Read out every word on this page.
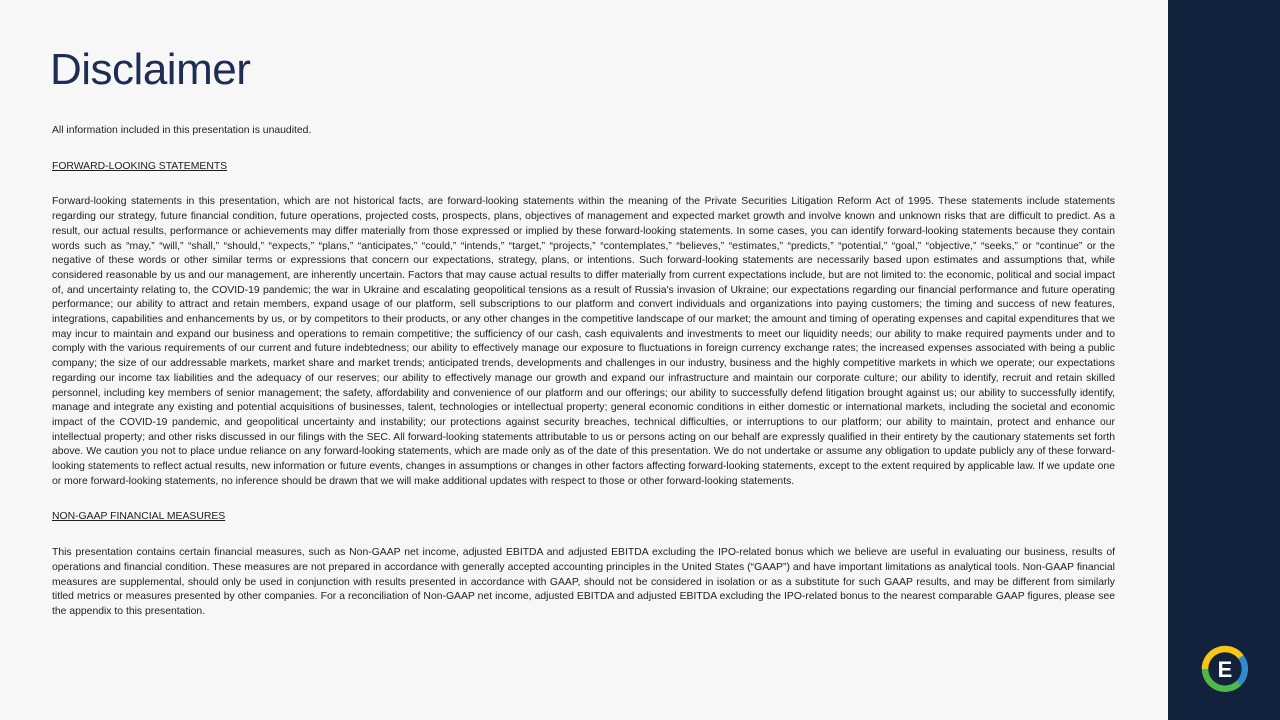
Disclaimer

All information included in this presentation is unaudited.

FORWARD-LOOKING STATEMENTS

Forward-looking statements in this presentation, which are not historical facts, are forward-looking statements within the meaning of the Private Securities Litigation Reform Act of 1995. These statements include statements regarding our strategy, future financial condition, future operations, projected costs, prospects, plans, objectives of management and expected market growth and involve known and unknown risks that are difficult to predict. As a result, our actual results, performance or achievements may differ materially from those expressed or implied by these forward-looking statements. In some cases, you can identify forward-looking statements because they contain words such as “may,” “will,” “shall,” “should,” “expects,” “plans,” “anticipates,” “could,” “intends,” “target,” “projects,” “contemplates,” “believes,” “estimates,” “predicts,” “potential,” “goal,” “objective,” “seeks,” or “continue” or the negative of these words or other similar terms or expressions that concern our expectations, strategy, plans, or intentions. Such forward-looking statements are necessarily based upon estimates and assumptions that, while considered reasonable by us and our management, are inherently uncertain. Factors that may cause actual results to differ materially from current expectations include, but are not limited to: the economic, political and social impact of, and uncertainty relating to, the COVID-19 pandemic; the war in Ukraine and escalating geopolitical tensions as a result of Russia's invasion of Ukraine; our expectations regarding our financial performance and future operating performance; our ability to attract and retain members, expand usage of our platform, sell subscriptions to our platform and convert individuals and organizations into paying customers; the timing and success of new features, integrations, capabilities and enhancements by us, or by competitors to their products, or any other changes in the competitive landscape of our market; the amount and timing of operating expenses and capital expenditures that we may incur to maintain and expand our business and operations to remain competitive; the sufficiency of our cash, cash equivalents and investments to meet our liquidity needs; our ability to make required payments under and to comply with the various requirements of our current and future indebtedness; our ability to effectively manage our exposure to fluctuations in foreign currency exchange rates; the increased expenses associated with being a public company; the size of our addressable markets, market share and market trends; anticipated trends, developments and challenges in our industry, business and the highly competitive markets in which we operate; our expectations regarding our income tax liabilities and the adequacy of our reserves; our ability to effectively manage our growth and expand our infrastructure and maintain our corporate culture; our ability to identify, recruit and retain skilled personnel, including key members of senior management; the safety, affordability and convenience of our platform and our offerings; our ability to successfully defend litigation brought against us; our ability to successfully identify, manage and integrate any existing and potential acquisitions of businesses, talent, technologies or intellectual property; general economic conditions in either domestic or international markets, including the societal and economic impact of the COVID-19 pandemic, and geopolitical uncertainty and instability; our protections against security breaches, technical difficulties, or interruptions to our platform; our ability to maintain, protect and enhance our intellectual property; and other risks discussed in our filings with the SEC. All forward-looking statements attributable to us or persons acting on our behalf are expressly qualified in their entirety by the cautionary statements set forth above. We caution you not to place undue reliance on any forward-looking statements, which are made only as of the date of this presentation. We do not undertake or assume any obligation to update publicly any of these forward-looking statements to reflect actual results, new information or future events, changes in assumptions or changes in other factors affecting forward-looking statements, except to the extent required by applicable law. If we update one or more forward-looking statements, no inference should be drawn that we will make additional updates with respect to those or other forward-looking statements.

NON-GAAP FINANCIAL MEASURES

This presentation contains certain financial measures, such as Non-GAAP net income, adjusted EBITDA and adjusted EBITDA excluding the IPO-related bonus which we believe are useful in evaluating our business, results of operations and financial condition. These measures are not prepared in accordance with generally accepted accounting principles in the United States (“GAAP”) and have important limitations as analytical tools. Non-GAAP financial measures are supplemental, should only be used in conjunction with results presented in accordance with GAAP, should not be considered in isolation or as a substitute for such GAAP results, and may be different from similarly titled metrics or measures presented by other companies. For a reconciliation of Non-GAAP net income, adjusted EBITDA and adjusted EBITDA excluding the IPO-related bonus to the nearest comparable GAAP figures, please see the appendix to this presentation.

E
